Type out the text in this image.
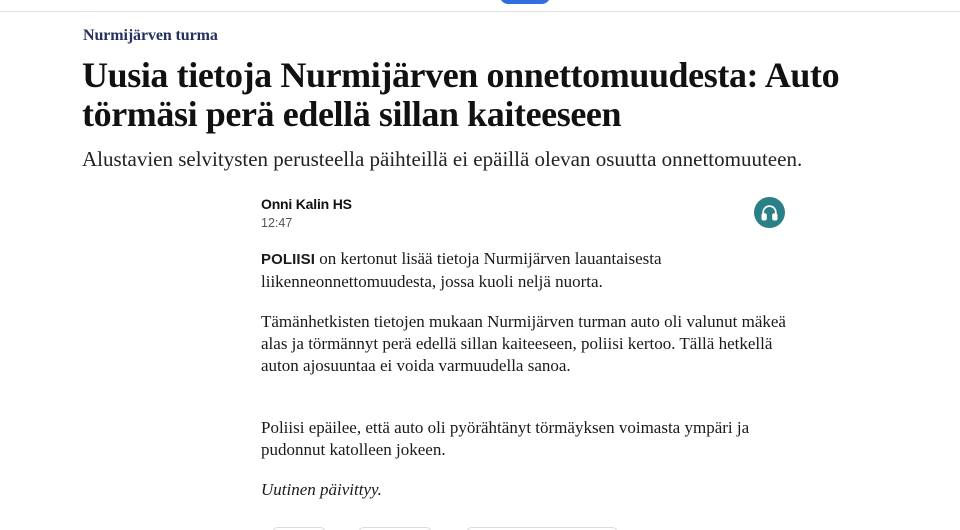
Nurmijärven turma
Uusia tietoja Nurmijärven onnettomuudesta: Auto törmäsi perä edellä sillan kaiteeseen

Alustavien selvitysten perusteella päihteillä ei epäillä olevan osuutta onnettomuuteen.

Onni Kalin HS
12:47

POLIISI on kertonut lisää tietoja Nurmijärven lauantaisesta liikenneonnettomuudesta, jossa kuoli neljä nuorta.

Tämänhetkisten tietojen mukaan Nurmijärven turman auto oli valunut mäkeä alas ja törmännyt perä edellä sillan kaiteeseen, poliisi kertoo. Tällä hetkellä auton ajosuuntaa ei voida varmuudella sanoa.

Poliisi epäilee, että auto oli pyörähtänyt törmäyksen voimasta ympäri ja pudonnut katolleen jokeen.

Uutinen päivittyy.
